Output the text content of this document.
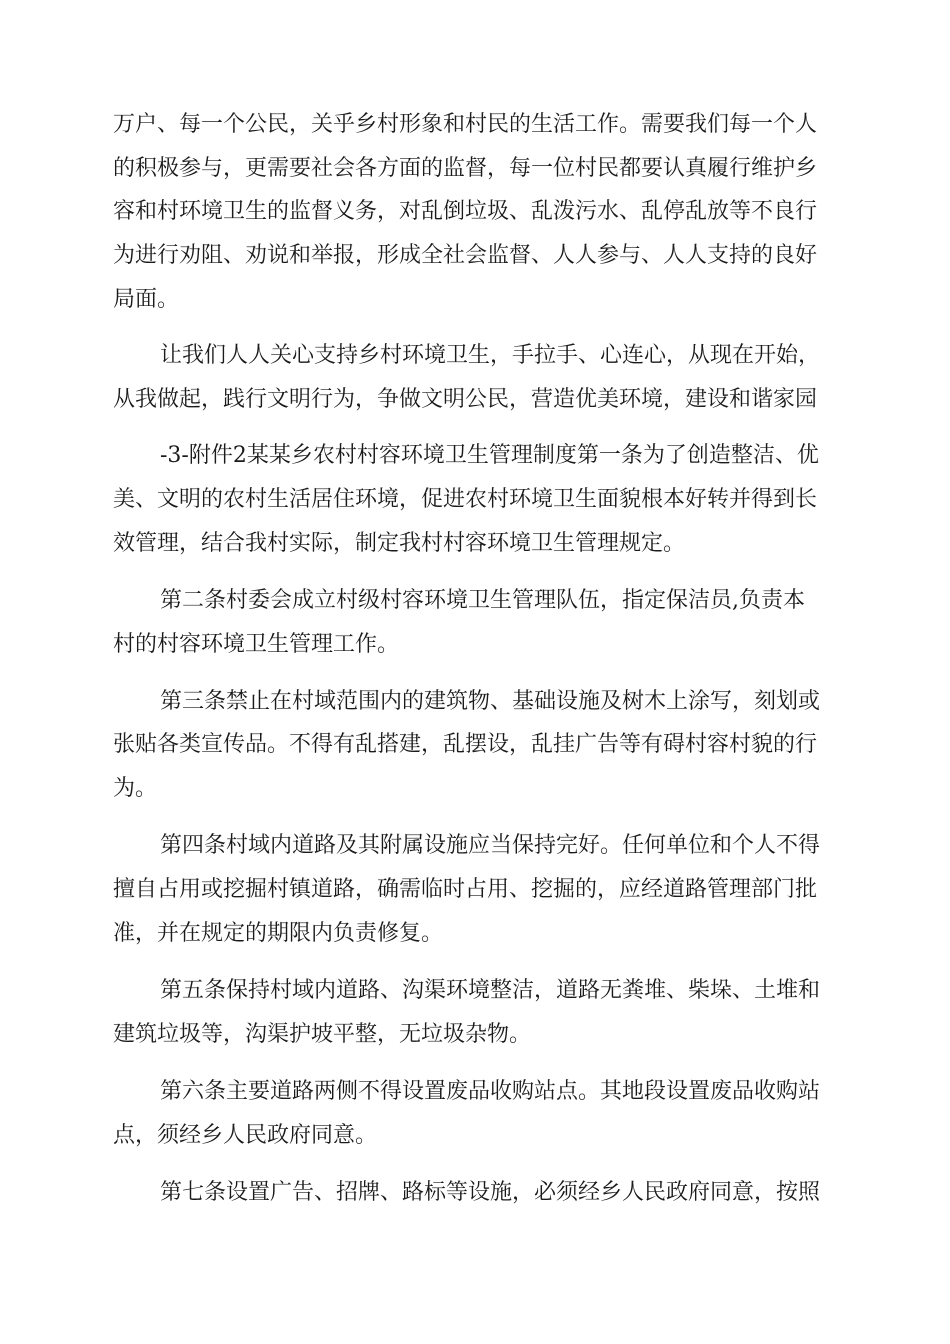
万户、每一个公民，关乎乡村形象和村民的生活工作。需要我们每一个人
的积极参与，更需要社会各方面的监督，每一位村民都要认真履行维护乡
容和村环境卫生的监督义务，对乱倒垃圾、乱泼污水、乱停乱放等不良行
为进行劝阻、劝说和举报，形成全社会监督、人人参与、人人支持的良好
局面。
让我们人人关心支持乡村环境卫生，手拉手、心连心，从现在开始，
从我做起，践行文明行为，争做文明公民，营造优美环境，建设和谐家园
-3-附件2某某乡农村村容环境卫生管理制度第一条为了创造整洁、优
美、文明的农村生活居住环境，促进农村环境卫生面貌根本好转并得到长
效管理，结合我村实际，制定我村村容环境卫生管理规定。
第二条村委会成立村级村容环境卫生管理队伍，指定保洁员,负责本
村的村容环境卫生管理工作。
第三条禁止在村域范围内的建筑物、基础设施及树木上涂写，刻划或
张贴各类宣传品。不得有乱搭建，乱摆设，乱挂广告等有碍村容村貌的行
为。
第四条村域内道路及其附属设施应当保持完好。任何单位和个人不得
擅自占用或挖掘村镇道路，确需临时占用、挖掘的，应经道路管理部门批
准，并在规定的期限内负责修复。
第五条保持村域内道路、沟渠环境整洁，道路无粪堆、柴垛、土堆和
建筑垃圾等，沟渠护坡平整，无垃圾杂物。
第六条主要道路两侧不得设置废品收购站点。其地段设置废品收购站
点，须经乡人民政府同意。
第七条设置广告、招牌、路标等设施，必须经乡人民政府同意，按照
